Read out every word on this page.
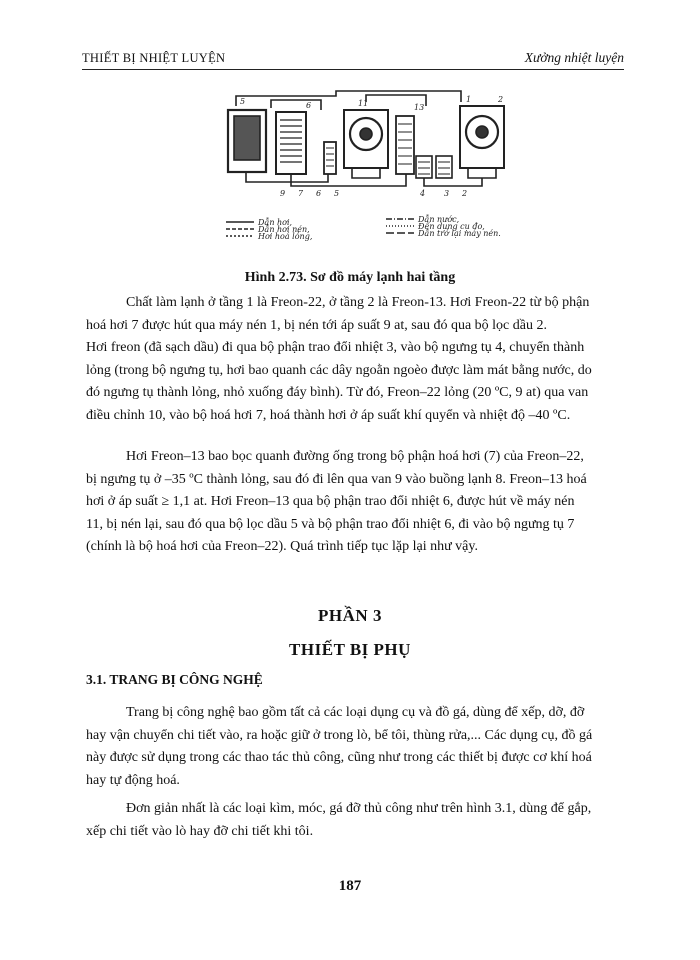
THIẾT BỊ NHIỆT LUYỆN	Xưởng nhiệt luyện
5	6	11	13
1	2
9 7 6 5	4 3 2
Dẫn hơi,
Dẫn hơi nén,
Hơi hoá lỏng,
Dẫn nước,
Đến dụng cụ đo,
Dẫn trở lại máy nén.
Hình 2.73. Sơ đồ máy lạnh hai tầng

Chất làm lạnh ở tầng 1 là Freon-22, ở tầng 2 là Freon-13. Hơi Freon-22 từ bộ phận
hoá hơi 7 được hút qua máy nén 1, bị nén tới áp suất 9 at, sau đó qua bộ lọc dầu 2.
Hơi freon (đã sạch dầu) đi qua bộ phận trao đổi nhiệt 3, vào bộ ngưng tụ 4, chuyển thành
lỏng (trong bộ ngưng tụ, hơi bao quanh các dây ngoằn ngoèo được làm mát bằng nước, do
đó ngưng tụ thành lỏng, nhỏ xuống đáy bình). Từ đó, Freon–22 lỏng (20 ºC, 9 at) qua van
điều chỉnh 10, vào bộ hoá hơi 7, hoá thành hơi ở áp suất khí quyển và nhiệt độ –40 ºC.

Hơi Freon–13 bao bọc quanh đường ống trong bộ phận hoá hơi (7) của Freon–22,
bị ngưng tụ ở –35 ºC thành lỏng, sau đó đi lên qua van 9 vào buồng lạnh 8. Freon–13 hoá
hơi ở áp suất ≥ 1,1 at. Hơi Freon–13 qua bộ phận trao đổi nhiệt 6, được hút về máy nén
11, bị nén lại, sau đó qua bộ lọc dầu 5 và bộ phận trao đổi nhiệt 6, đi vào bộ ngưng tụ 7
(chính là bộ hoá hơi của Freon–22). Quá trình tiếp tục lặp lại như vậy.

PHẦN 3
THIẾT BỊ PHỤ
3.1. TRANG BỊ CÔNG NGHỆ

Trang bị công nghệ bao gồm tất cả các loại dụng cụ và đồ gá, dùng để xếp, dỡ, đỡ
hay vận chuyển chi tiết vào, ra hoặc giữ ở trong lò, bể tôi, thùng rửa,... Các dụng cụ, đồ gá
này được sử dụng trong các thao tác thủ công, cũng như trong các thiết bị được cơ khí hoá
hay tự động hoá.

Đơn giản nhất là các loại kìm, móc, gá đỡ thủ công như trên hình 3.1, dùng để gắp,
xếp chi tiết vào lò hay đỡ chi tiết khi tôi.

187
